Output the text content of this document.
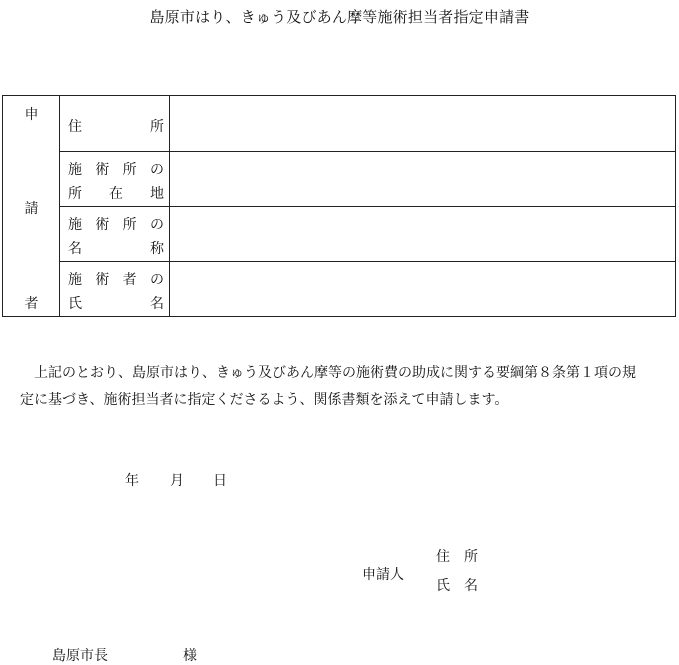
島原市はり、きゅう及びあん摩等施術担当者指定申請書
申
請
者
住	所
施 術 所 の
所 在 地
施 術 所 の
名	称
施 術 者 の
氏	名

　上記のとおり、島原市はり、きゅう及びあん摩等の施術費の助成に関する要綱第８条第１項の規

定に基づき、施術担当者に指定くださるよう、関係書類を添えて申請します。

年 月 日
申請人
住　所
氏　名
島原市長	様
